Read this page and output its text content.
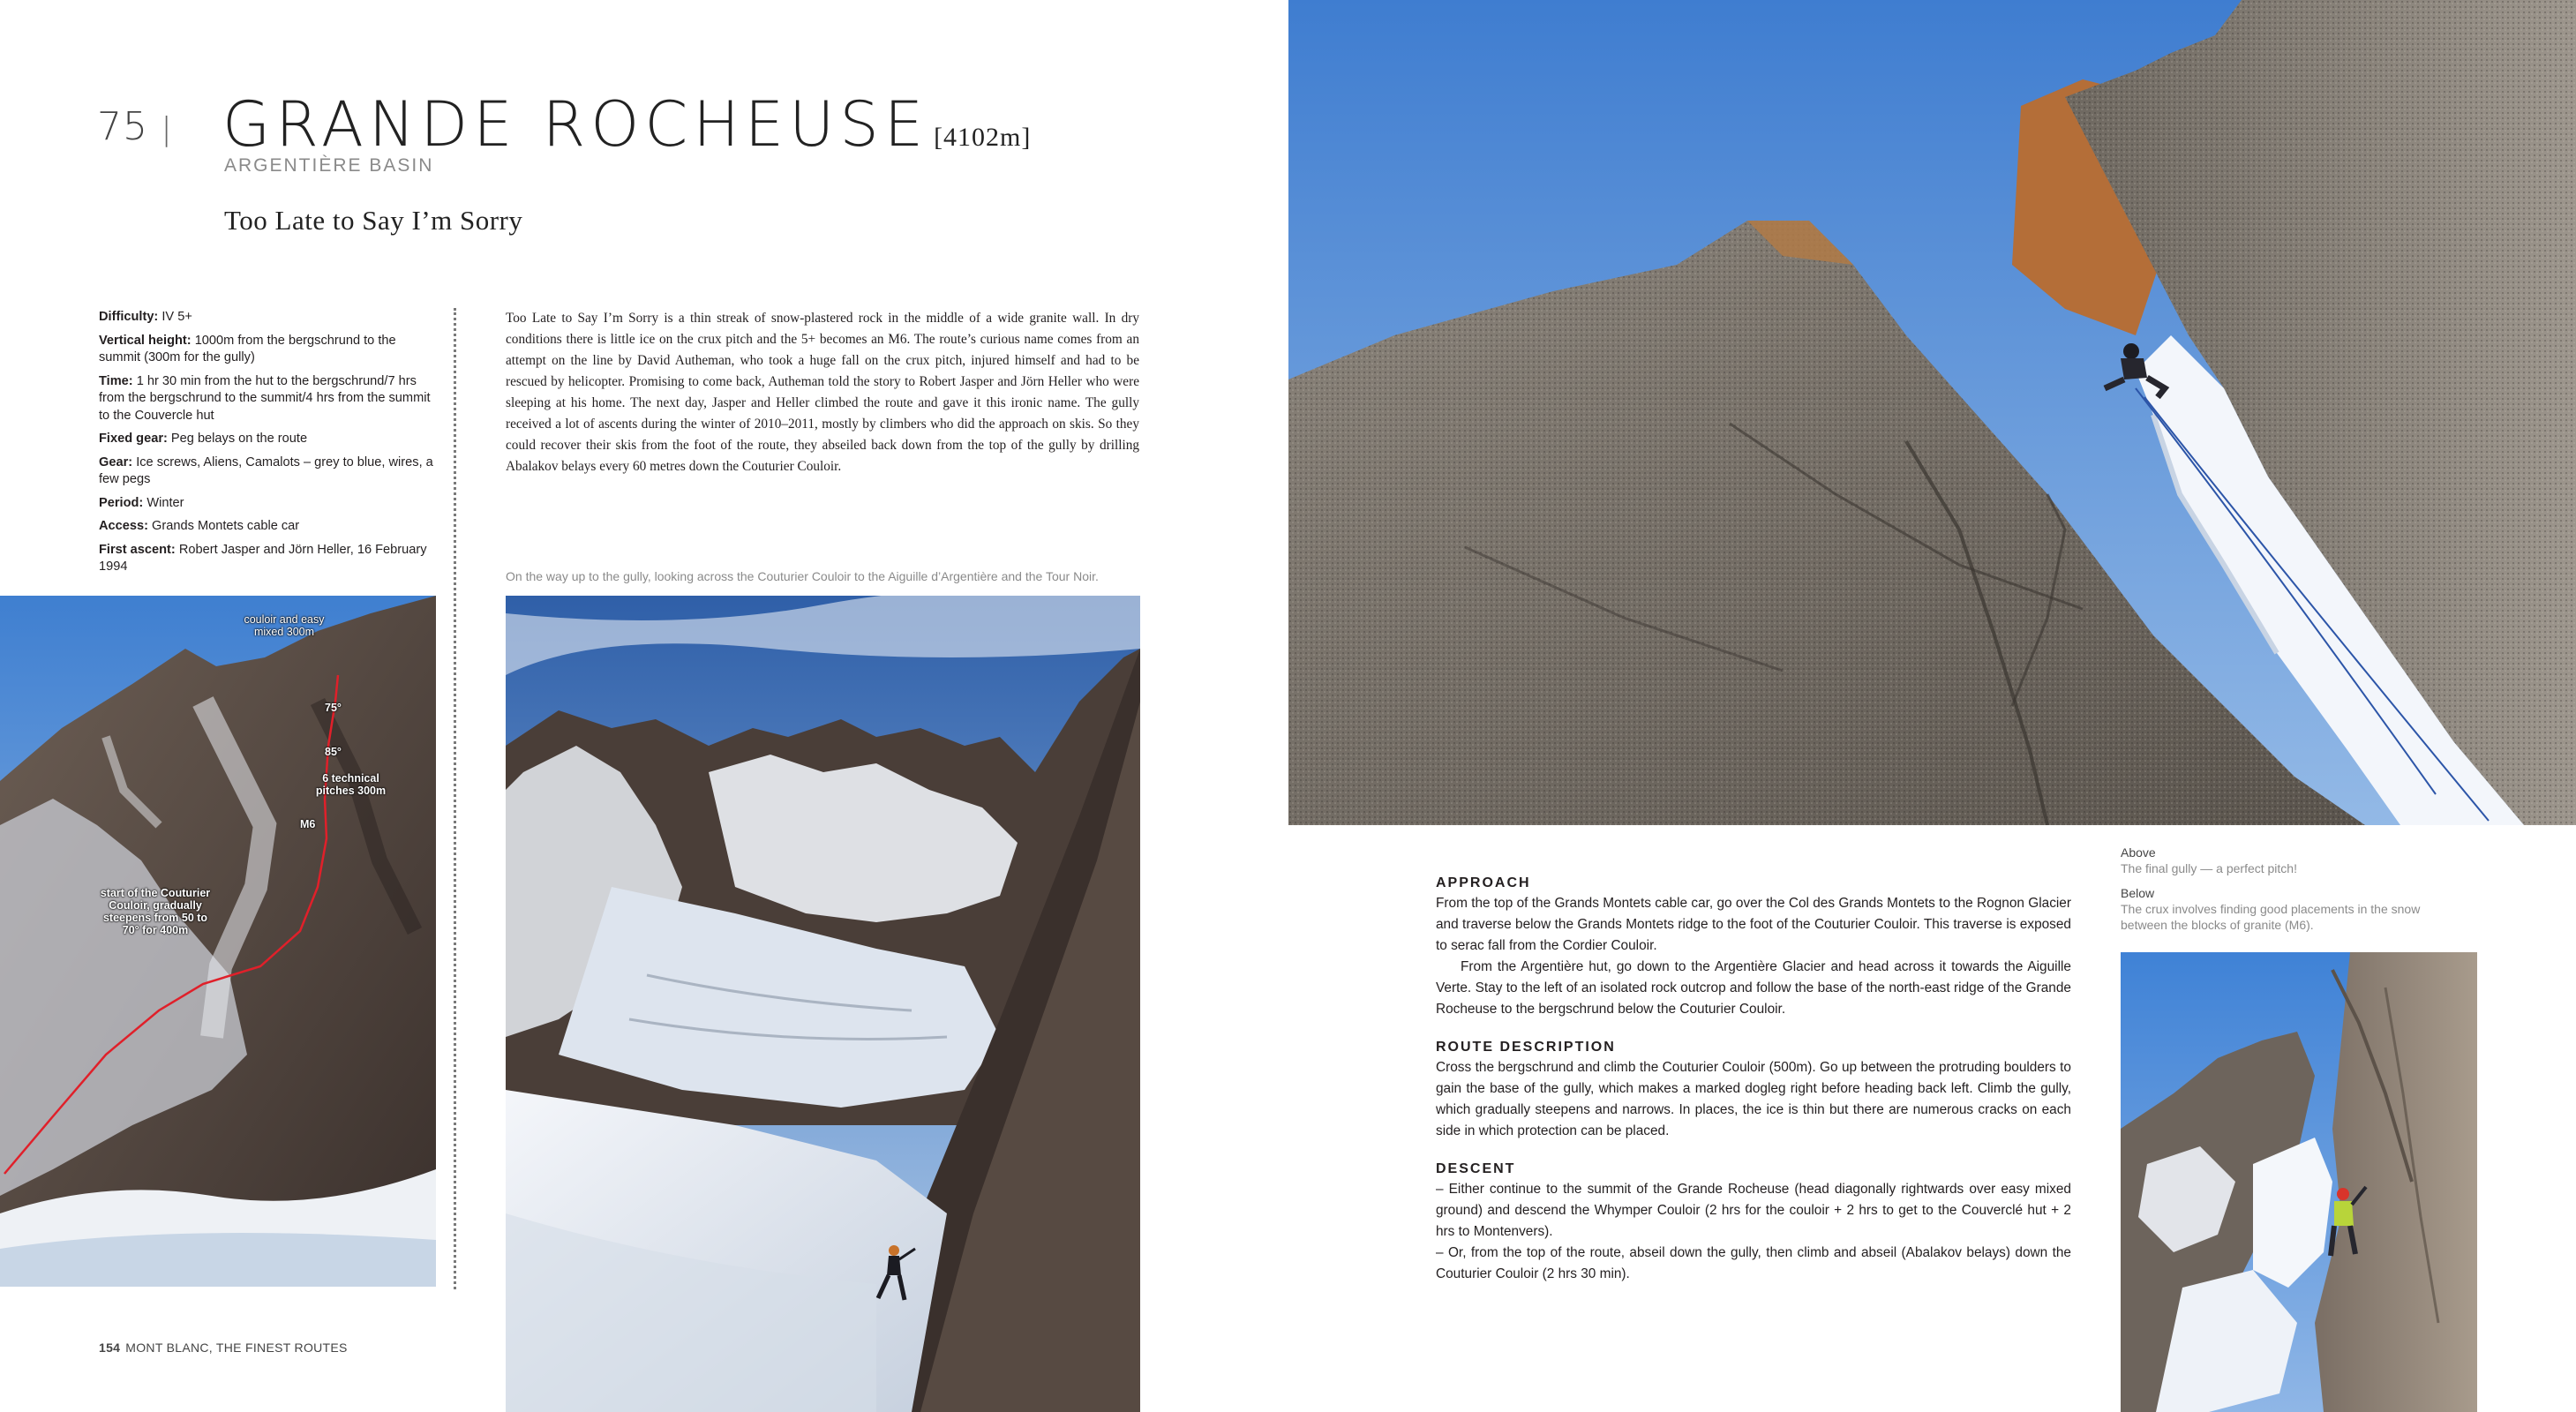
75 | GRANDE ROCHEUSE [4102m]
ARGENTIÈRE BASIN
Too Late to Say I’m Sorry

Difficulty: IV 5+

Vertical height: 1000m from the bergschrund to the summit (300m for the gully)

Time: 1 hr 30 min from the hut to the bergschrund/7 hrs from the bergschrund to the summit/4 hrs from the summit to the Couvercle hut

Fixed gear: Peg belays on the route

Gear: Ice screws, Aliens, Camalots – grey to blue, wires, a few pegs

Period: Winter

Access: Grands Montets cable car

First ascent: Robert Jasper and Jörn Heller, 16 February 1994

Too Late to Say I’m Sorry is a thin streak of snow-plastered rock in the middle of a wide granite wall. In dry conditions there is little ice on the crux pitch and the 5+ becomes an M6. The route’s curious name comes from an attempt on the line by David Autheman, who took a huge fall on the crux pitch, injured himself and had to be rescued by helicopter. Promising to come back, Autheman told the story to Robert Jasper and Jörn Heller who were sleeping at his home. The next day, Jasper and Heller climbed the route and gave it this ironic name. The gully received a lot of ascents during the winter of 2010–2011, mostly by climbers who did the approach on skis. So they could recover their skis from the foot of the route, they abseiled back down from the top of the gully by drilling Abalakov belays every 60 metres down the Couturier Couloir.
On the way up to the gully, looking across the Couturier Couloir to the Aiguille d’Argentière and the Tour Noir.
couloir and easy mixed 300m
75°
85°
6 technical pitches 300m
M6
start of the Couturier Couloir, gradually steepens from 50 to 70° for 400m
APPROACH

From the top of the Grands Montets cable car, go over the Col des Grands Montets to the Rognon Glacier and traverse below the Grands Montets ridge to the foot of the Couturier Couloir. This traverse is exposed to serac fall from the Cordier Couloir.

From the Argentière hut, go down to the Argentière Glacier and head across it towards the Aiguille Verte. Stay to the left of an isolated rock outcrop and follow the base of the north-east ridge of the Grande Rocheuse to the bergschrund below the Couturier Couloir.

ROUTE DESCRIPTION

Cross the bergschrund and climb the Couturier Couloir (500m). Go up between the protruding boulders to gain the base of the gully, which makes a marked dogleg right before heading back left. Climb the gully, which gradually steepens and narrows. In places, the ice is thin but there are numerous cracks on each side in which protection can be placed.

DESCENT

– Either continue to the summit of the Grande Rocheuse (head diagonally rightwards over easy mixed ground) and descend the Whymper Couloir (2 hrs for the couloir + 2 hrs to get to the Couverclé hut + 2 hrs to Montenvers).

– Or, from the top of the route, abseil down the gully, then climb and abseil (Abalakov belays) down the Couturier Couloir (2 hrs 30 min).

Above
The final gully — a perfect pitch!
Below
The crux involves finding good placements in the snow between the blocks of granite (M6).
154 MONT BLANC, THE FINEST ROUTES
